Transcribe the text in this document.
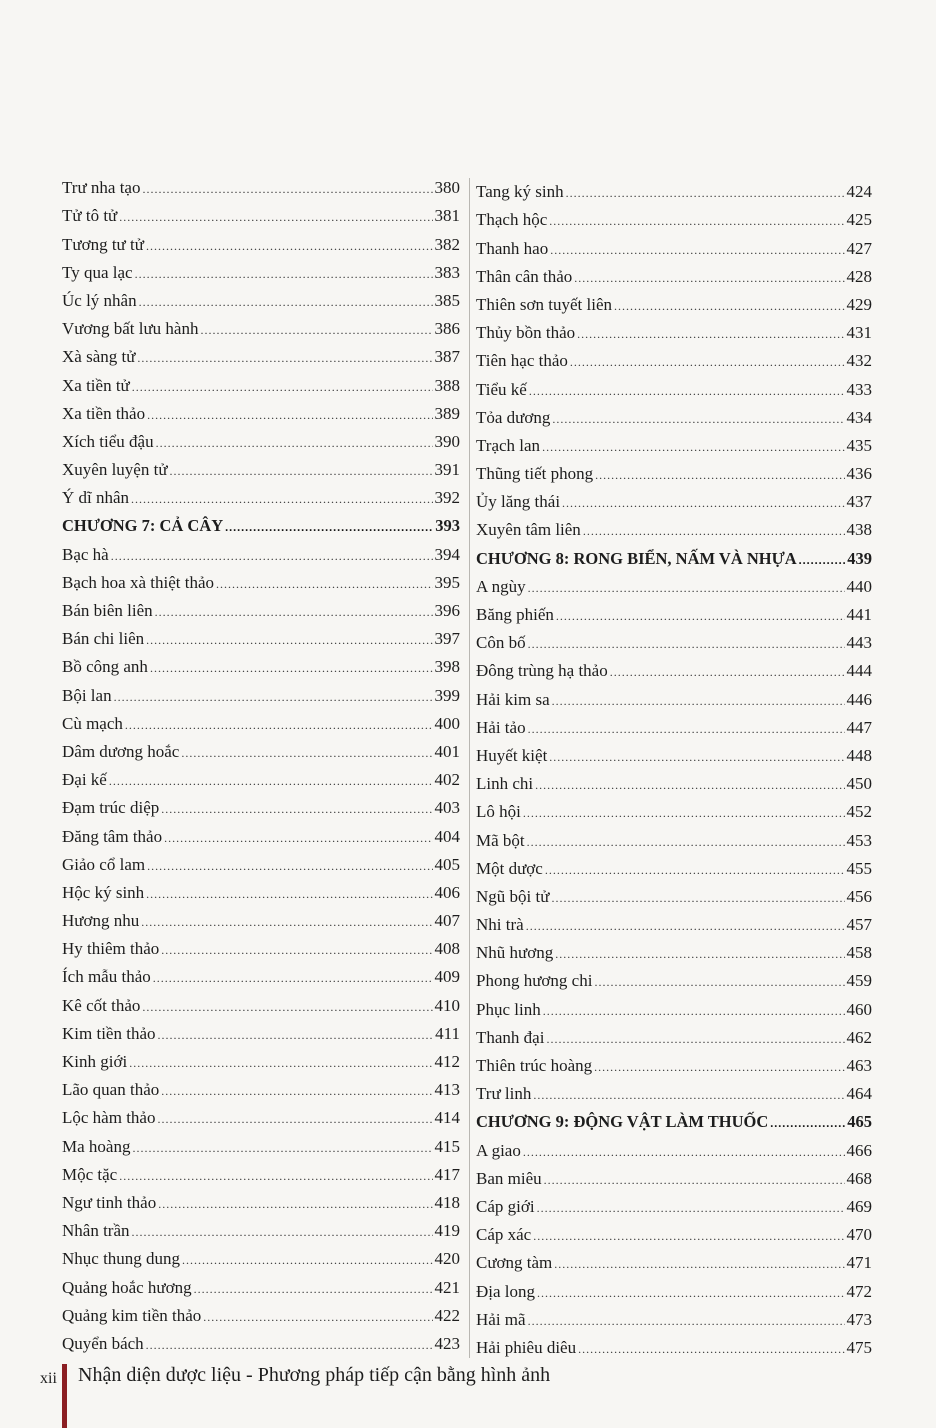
Trư nha tạo .....	380
Tử tô tử .....	381
Tương tư tử .....	382
Ty qua lạc .....	383
Úc lý nhân .....	385
Vương bất lưu hành .....	386
Xà sàng tử .....	387
Xa tiền tử .....	388
Xa tiền thảo .....	389
Xích tiểu đậu .....	390
Xuyên luyện tử .....	391
Ý dĩ nhân .....	392
CHƯƠNG 7: CẢ CÂY .....	393
Bạc hà .....	394
Bạch hoa xà thiệt thảo .....	395
Bán biên liên .....	396
Bán chi liên .....	397
Bồ công anh .....	398
Bội lan .....	399
Cù mạch .....	400
Dâm dương hoắc .....	401
Đại kế .....	402
Đạm trúc diệp .....	403
Đăng tâm thảo .....	404
Giảo cổ lam .....	405
Hộc ký sinh .....	406
Hương nhu .....	407
Hy thiêm thảo .....	408
Ích mẫu thảo .....	409
Kê cốt thảo .....	410
Kim tiền thảo .....	411
Kinh giới .....	412
Lão quan thảo .....	413
Lộc hàm thảo .....	414
Ma hoàng .....	415
Mộc tặc .....	417
Ngư tinh thảo .....	418
Nhân trần .....	419
Nhục thung dung .....	420
Quảng hoắc hương .....	421
Quảng kim tiền thảo .....	422
Quyển bách .....	423
Tang ký sinh .....	424
Thạch hộc .....	425
Thanh hao .....	427
Thân cân thảo .....	428
Thiên sơn tuyết liên .....	429
Thủy bồn thảo .....	431
Tiên hạc thảo .....	432
Tiểu kế .....	433
Tỏa dương .....	434
Trạch lan .....	435
Thũng tiết phong .....	436
Ủy lăng thái .....	437
Xuyên tâm liên .....	438
CHƯƠNG 8: RONG BIỂN, NẤM VÀ NHỰA .....	439
A ngùy .....	440
Băng phiến .....	441
Côn bố .....	443
Đông trùng hạ thảo .....	444
Hải kim sa .....	446
Hải tảo .....	447
Huyết kiệt .....	448
Linh chi .....	450
Lô hội .....	452
Mã bột .....	453
Một dược .....	455
Ngũ bội tử .....	456
Nhi trà .....	457
Nhũ hương .....	458
Phong hương chi .....	459
Phục linh .....	460
Thanh đại .....	462
Thiên trúc hoàng .....	463
Trư linh .....	464
CHƯƠNG 9: ĐỘNG VẬT LÀM THUỐC .....	465
A giao .....	466
Ban miêu .....	468
Cáp giới .....	469
Cáp xác .....	470
Cương tàm .....	471
Địa long .....	472
Hải mã .....	473
Hải phiêu diêu .....	475
xii Nhận diện dược liệu - Phương pháp tiếp cận bằng hình ảnh
